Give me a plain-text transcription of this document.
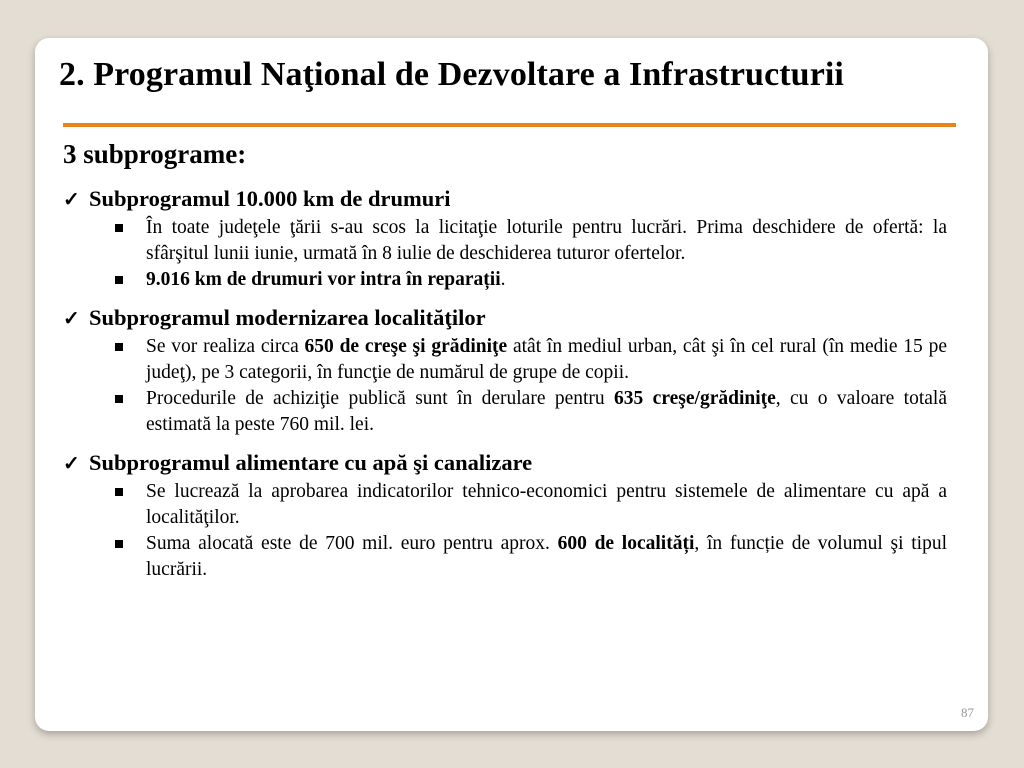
2. Programul Naţional de Dezvoltare a Infrastructurii
3 subprograme:
✓ Subprogramul 10.000 km de drumuri
În toate judeţele ţării s-au scos la licitaţie loturile pentru lucrări. Prima deschidere de ofertă: la sfârşitul lunii iunie, urmată în 8 iulie de deschiderea tuturor ofertelor.
9.016 km de drumuri vor intra în reparații.
✓ Subprogramul modernizarea localităţilor
Se vor realiza circa 650 de creşe şi grădiniţe atât în mediul urban, cât şi în cel rural (în medie 15 pe judeţ), pe 3 categorii, în funcţie de numărul de grupe de copii.
Procedurile de achiziţie publică sunt în derulare pentru 635 creşe/grădiniţe, cu o valoare totală estimată la peste 760 mil. lei.
✓ Subprogramul alimentare cu apă şi canalizare
Se lucrează la aprobarea indicatorilor tehnico-economici pentru sistemele de alimentare cu apă a localităţilor.
Suma alocată este de 700 mil. euro pentru aprox. 600 de localități, în funcție de volumul şi tipul lucrării.
87
